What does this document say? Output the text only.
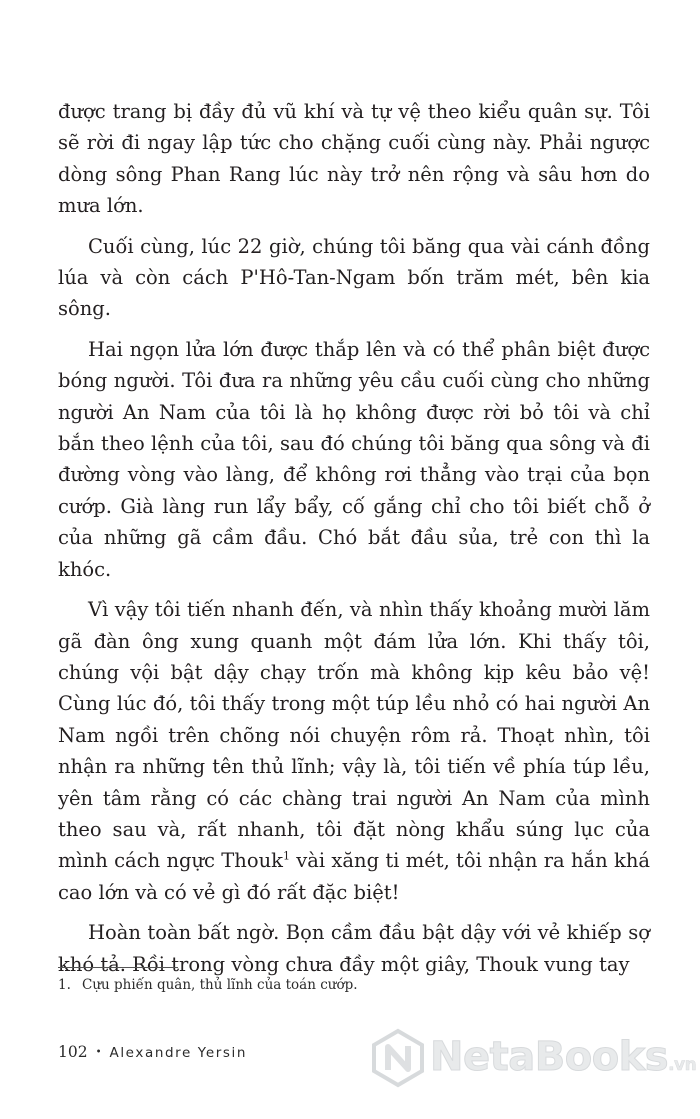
được trang bị đầy đủ vũ khí và tự vệ theo kiểu quân sự. Tôi sẽ rời đi ngay lập tức cho chặng cuối cùng này. Phải ngược dòng sông Phan Rang lúc này trở nên rộng và sâu hơn do mưa lớn.

Cuối cùng, lúc 22 giờ, chúng tôi băng qua vài cánh đồng lúa và còn cách P'Hô-Tan-Ngam bốn trăm mét, bên kia sông.

Hai ngọn lửa lớn được thắp lên và có thể phân biệt được bóng người. Tôi đưa ra những yêu cầu cuối cùng cho những người An Nam của tôi là họ không được rời bỏ tôi và chỉ bắn theo lệnh của tôi, sau đó chúng tôi băng qua sông và đi đường vòng vào làng, để không rơi thẳng vào trại của bọn cướp. Già làng run lẩy bẩy, cố gắng chỉ cho tôi biết chỗ ở của những gã cầm đầu. Chó bắt đầu sủa, trẻ con thì la khóc.

Vì vậy tôi tiến nhanh đến, và nhìn thấy khoảng mười lăm gã đàn ông xung quanh một đám lửa lớn. Khi thấy tôi, chúng vội bật dậy chạy trốn mà không kịp kêu bảo vệ! Cùng lúc đó, tôi thấy trong một túp lều nhỏ có hai người An Nam ngồi trên chõng nói chuyện rôm rả. Thoạt nhìn, tôi nhận ra những tên thủ lĩnh; vậy là, tôi tiến về phía túp lều, yên tâm rằng có các chàng trai người An Nam của mình theo sau và, rất nhanh, tôi đặt nòng khẩu súng lục của mình cách ngực Thouk$^1$ vài xăng ti mét, tôi nhận ra hắn khá cao lớn và có vẻ gì đó rất đặc biệt!

Hoàn toàn bất ngờ. Bọn cầm đầu bật dậy với vẻ khiếp sợ khó tả. Rồi trong vòng chưa đầy một giây, Thouk vung tay

1. Cựu phiến quân, thủ lĩnh của toán cướp.
102 • Alexandre Yersin	NetaBooks.vn
